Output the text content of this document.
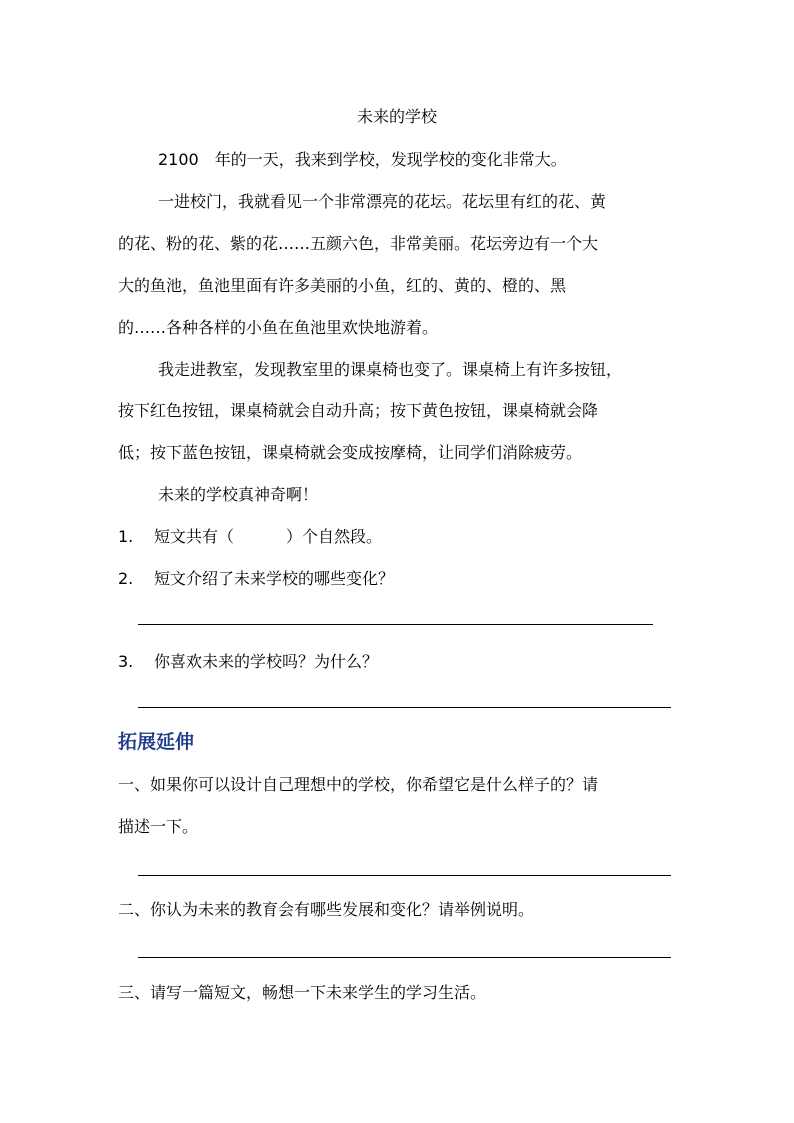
未来的学校
2100　年的一天，我来到学校，发现学校的变化非常大。
一进校门，我就看见一个非常漂亮的花坛。花坛里有红的花、黄
的花、粉的花、紫的花……五颜六色，非常美丽。花坛旁边有一个大
大的鱼池，鱼池里面有许多美丽的小鱼，红的、黄的、橙的、黑
的……各种各样的小鱼在鱼池里欢快地游着。
我走进教室，发现教室里的课桌椅也变了。课桌椅上有许多按钮，
按下红色按钮，课桌椅就会自动升高；按下黄色按钮，课桌椅就会降
低；按下蓝色按钮，课桌椅就会变成按摩椅，让同学们消除疲劳。
未来的学校真神奇啊！
1. 短文共有（	）个自然段。
2. 短文介绍了未来学校的哪些变化？
3. 你喜欢未来的学校吗？为什么？
拓展延伸
一、如果你可以设计自己理想中的学校，你希望它是什么样子的？请
描述一下。
二、你认为未来的教育会有哪些发展和变化？请举例说明。
三、请写一篇短文，畅想一下未来学生的学习生活。
